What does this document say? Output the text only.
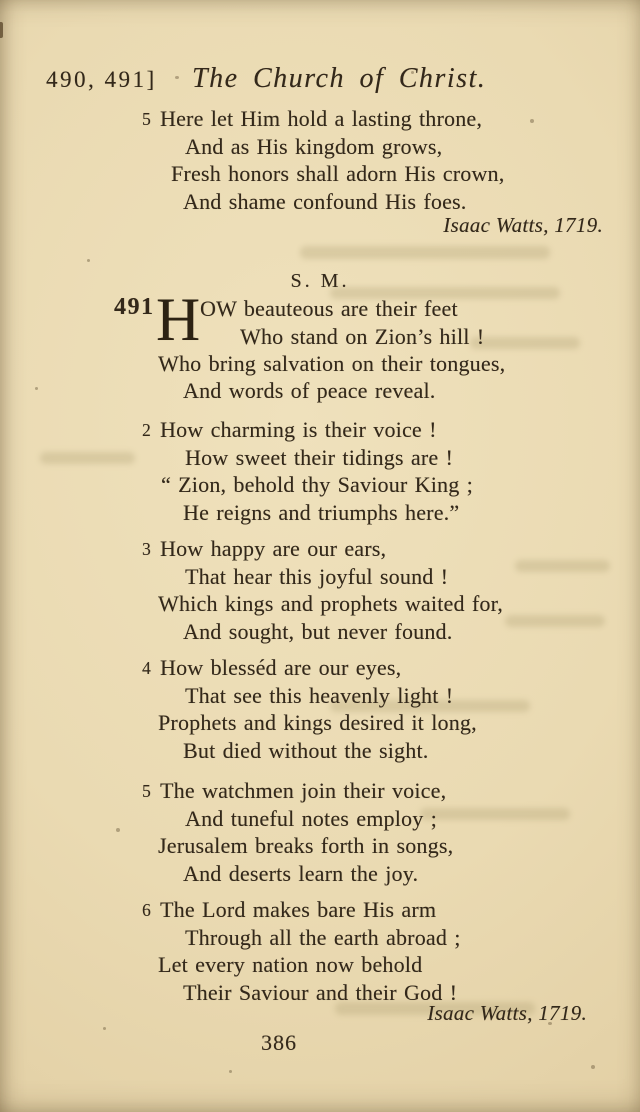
490, 491] The Church of Christ.
5 Here let Him hold a lasting throne,
And as His kingdom grows,
Fresh honors shall adorn His crown,
And shame confound His foes.
Isaac Watts, 1719.
S. M.
491 H OW beauteous are their feet
Who stand on Zion’s hill !
Who bring salvation on their tongues,
And words of peace reveal.
2 How charming is their voice !
How sweet their tidings are !
“ Zion, behold thy Saviour King ;
He reigns and triumphs here.”
3 How happy are our ears,
That hear this joyful sound !
Which kings and prophets waited for,
And sought, but never found.
4 How blesséd are our eyes,
That see this heavenly light !
Prophets and kings desired it long,
But died without the sight.
5 The watchmen join their voice,
And tuneful notes employ ;
Jerusalem breaks forth in songs,
And deserts learn the joy.
6 The Lord makes bare His arm
Through all the earth abroad ;
Let every nation now behold
Their Saviour and their God !
Isaac Watts, 1719.
386
